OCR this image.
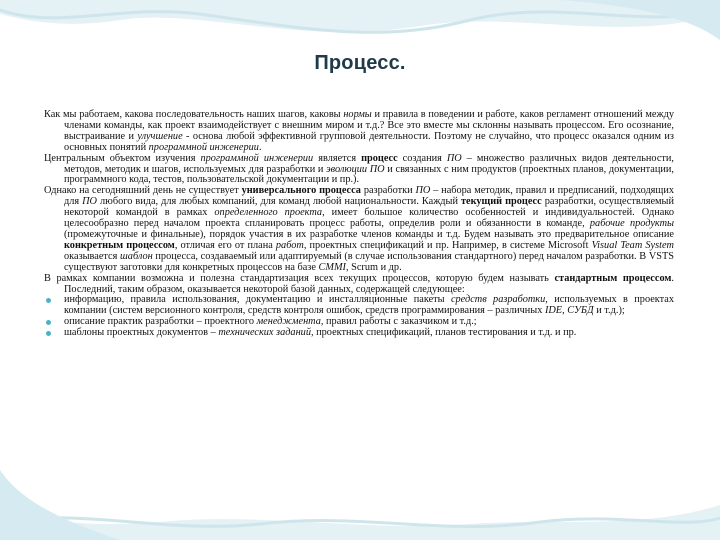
Процесс.

Как мы работаем, какова последовательность наших шагов, каковы нормы и правила в поведении и работе, каков регламент отношений между членами команды, как проект взаимодействует с внешним миром и т.д.? Все это вместе мы склонны называть процессом. Его осознание, выстраивание и улучшение - основа любой эффективной групповой деятельности. Поэтому не случайно, что процесс оказался одним из основных понятий программной инженерии.

Центральным объектом изучения программной инженерии является процесс создания ПО – множество различных видов деятельности, методов, методик и шагов, используемых для разработки и эволюции ПО и связанных с ним продуктов (проектных планов, документации, программного кода, тестов, пользовательской документации и пр.).

Однако на сегодняшний день не существует универсального процесса разработки ПО – набора методик, правил и предписаний, подходящих для ПО любого вида, для любых компаний, для команд любой национальности. Каждый текущий процесс разработки, осуществляемый некоторой командой в рамках определенного проекта, имеет большое количество особенностей и индивидуальностей. Однако целесообразно перед началом проекта спланировать процесс работы, определив роли и обязанности в команде, рабочие продукты (промежуточные и финальные), порядок участия в их разработке членов команды и т.д. Будем называть это предварительное описание конкретным процессом, отличая его от плана работ, проектных спецификаций и пр. Например, в системе Microsoft Visual Team System оказывается шаблон процесса, создаваемый или адаптируемый (в случае использования стандартного) перед началом разработки. В VSTS существуют заготовки для конкретных процессов на базе CMMI, Scrum и др.

В рамках компании возможна и полезна стандартизация всех текущих процессов, которую будем называть стандартным процессом. Последний, таким образом, оказывается некоторой базой данных, содержащей следующее:

информацию, правила использования, документацию и инсталляционные пакеты средств разработки, используемых в проектах компании (систем версионного контроля, средств контроля ошибок, средств программирования – различных IDE, СУБД и т.д.);
описание практик разработки – проектного менеджмента, правил работы с заказчиком и т.д.;
шаблоны проектных документов – технических заданий, проектных спецификаций, планов тестирования и т.д. и пр.
